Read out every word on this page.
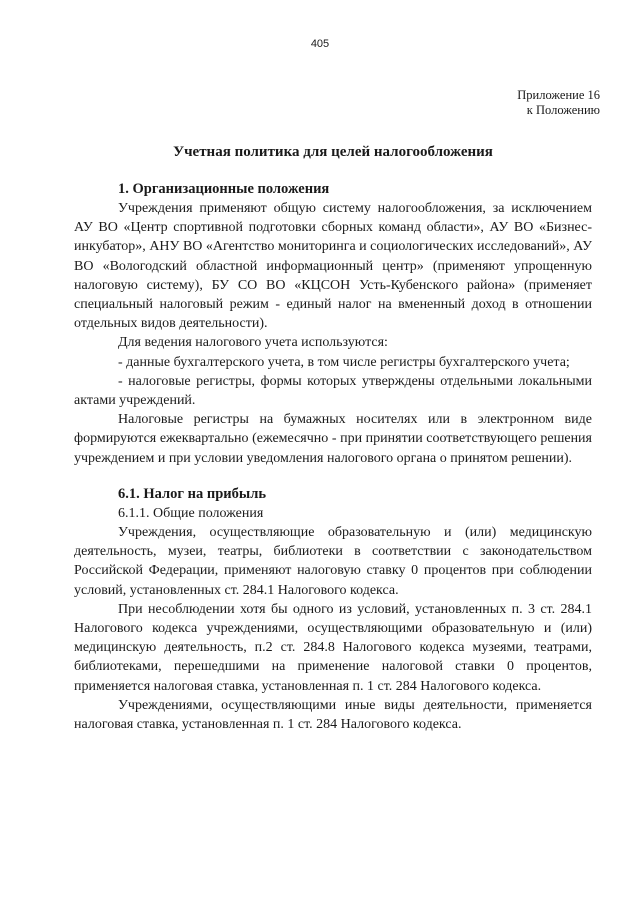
405
Приложение 16
к Положению
Учетная политика для целей налогообложения
1. Организационные положения

Учреждения применяют общую систему налогообложения, за исключением АУ ВО «Центр спортивной подготовки сборных команд области», АУ ВО «Бизнес-инкубатор», АНУ ВО «Агентство мониторинга и социологических исследований», АУ ВО «Вологодский областной информационный центр» (применяют упрощенную налоговую систему), БУ СО ВО «КЦСОН Усть-Кубенского района» (применяет специальный налоговый режим - единый налог на вмененный доход в отношении отдельных видов деятельности).

Для ведения налогового учета используются:

- данные бухгалтерского учета, в том числе регистры бухгалтерского учета;

- налоговые регистры, формы которых утверждены отдельными локальными актами учреждений.

Налоговые регистры на бумажных носителях или в электронном виде формируются ежеквартально (ежемесячно - при принятии соответствующего решения учреждением и при условии уведомления налогового органа о принятом решении).

6.1. Налог на прибыль

6.1.1. Общие положения

Учреждения, осуществляющие образовательную и (или) медицинскую деятельность, музеи, театры, библиотеки в соответствии с законодательством Российской Федерации, применяют налоговую ставку 0 процентов при соблюдении условий, установленных ст. 284.1 Налогового кодекса.

При несоблюдении хотя бы одного из условий, установленных п. 3 ст. 284.1 Налогового кодекса учреждениями, осуществляющими образовательную и (или) медицинскую деятельность, п.2 ст. 284.8 Налогового кодекса музеями, театрами, библиотеками, перешедшими на применение налоговой ставки 0 процентов, применяется налоговая ставка, установленная п. 1 ст. 284 Налогового кодекса.

Учреждениями, осуществляющими иные виды деятельности, применяется налоговая ставка, установленная п. 1 ст. 284 Налогового кодекса.
